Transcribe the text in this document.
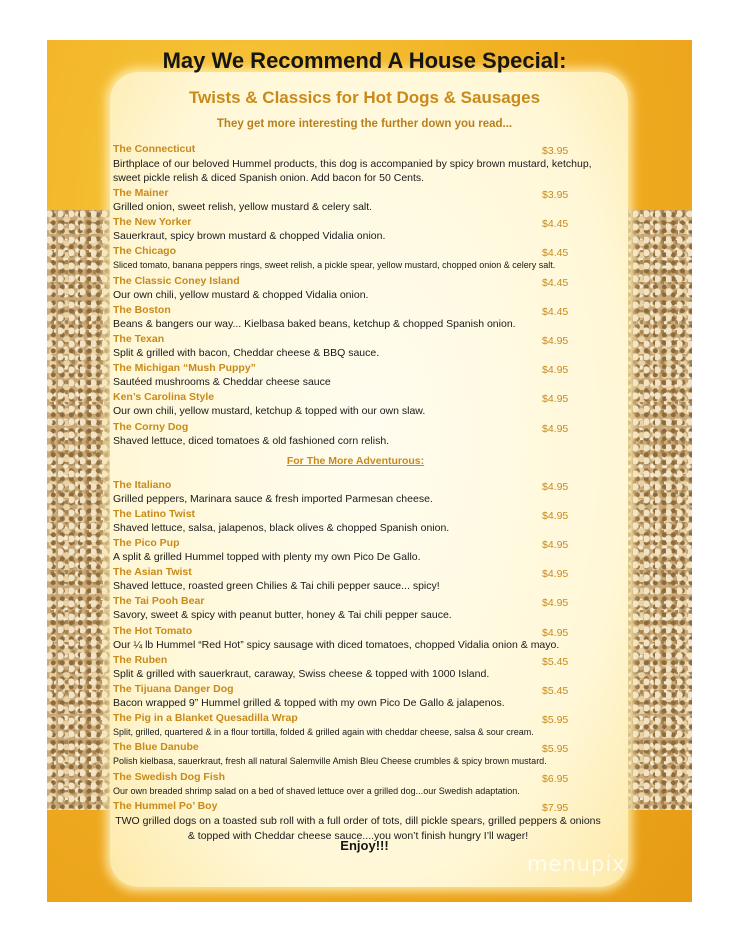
May We Recommend A House Special:
Twists & Classics for Hot Dogs & Sausages
They get more interesting the further down you read...
The Connecticut	$3.95
Birthplace of our beloved Hummel products, this dog is accompanied by spicy brown mustard, ketchup, sweet pickle relish & diced Spanish onion. Add bacon for 50 Cents.
The Mainer	$3.95
Grilled onion, sweet relish, yellow mustard & celery salt.
The New Yorker	$4.45
Sauerkraut, spicy brown mustard & chopped Vidalia onion.
The Chicago	$4.45
Sliced tomato, banana peppers rings, sweet relish, a pickle spear, yellow mustard, chopped onion & celery salt.
The Classic Coney Island	$4.45
Our own chili, yellow mustard & chopped Vidalia onion.
The Boston	$4.45
Beans & bangers our way... Kielbasa baked beans, ketchup & chopped Spanish onion.
The Texan	$4.95
Split & grilled with bacon, Cheddar cheese & BBQ sauce.
The Michigan “Mush Puppy”	$4.95
Sautéed mushrooms & Cheddar cheese sauce
Ken’s Carolina Style	$4.95
Our own chili, yellow mustard, ketchup & topped with our own slaw.
The Corny Dog	$4.95
Shaved lettuce, diced tomatoes & old fashioned corn relish.
For The More Adventurous:
The Italiano	$4.95
Grilled peppers, Marinara sauce & fresh imported Parmesan cheese.
The Latino Twist	$4.95
Shaved lettuce, salsa, jalapenos, black olives & chopped Spanish onion.
The Pico Pup	$4.95
A split & grilled Hummel topped with plenty my own Pico De Gallo.
The Asian Twist	$4.95
Shaved lettuce, roasted green Chilies & Tai chili pepper sauce... spicy!
The Tai Pooh Bear	$4.95
Savory, sweet & spicy with peanut butter, honey & Tai chili pepper sauce.
The Hot Tomato	$4.95
Our ¼ lb Hummel “Red Hot” spicy sausage with diced tomatoes, chopped Vidalia onion & mayo.
The Ruben	$5.45
Split & grilled with sauerkraut, caraway, Swiss cheese & topped with 1000 Island.
The Tijuana Danger Dog	$5.45
Bacon wrapped 9” Hummel grilled & topped with my own Pico De Gallo & jalapenos.
The Pig in a Blanket Quesadilla Wrap	$5.95
Split, grilled, quartered & in a flour tortilla, folded & grilled again with cheddar cheese, salsa & sour cream.
The Blue Danube	$5.95
Polish kielbasa, sauerkraut, fresh all natural Salemville Amish Bleu Cheese crumbles & spicy brown mustard.
The Swedish Dog Fish	$6.95
Our own breaded shrimp salad on a bed of shaved lettuce over a grilled dog...our Swedish adaptation.
The Hummel Po’ Boy	$7.95
TWO grilled dogs on a toasted sub roll with a full order of tots, dill pickle spears, grilled peppers & onions & topped with Cheddar cheese sauce....you won’t finish hungry I’ll wager!
Enjoy!!!
menupix
